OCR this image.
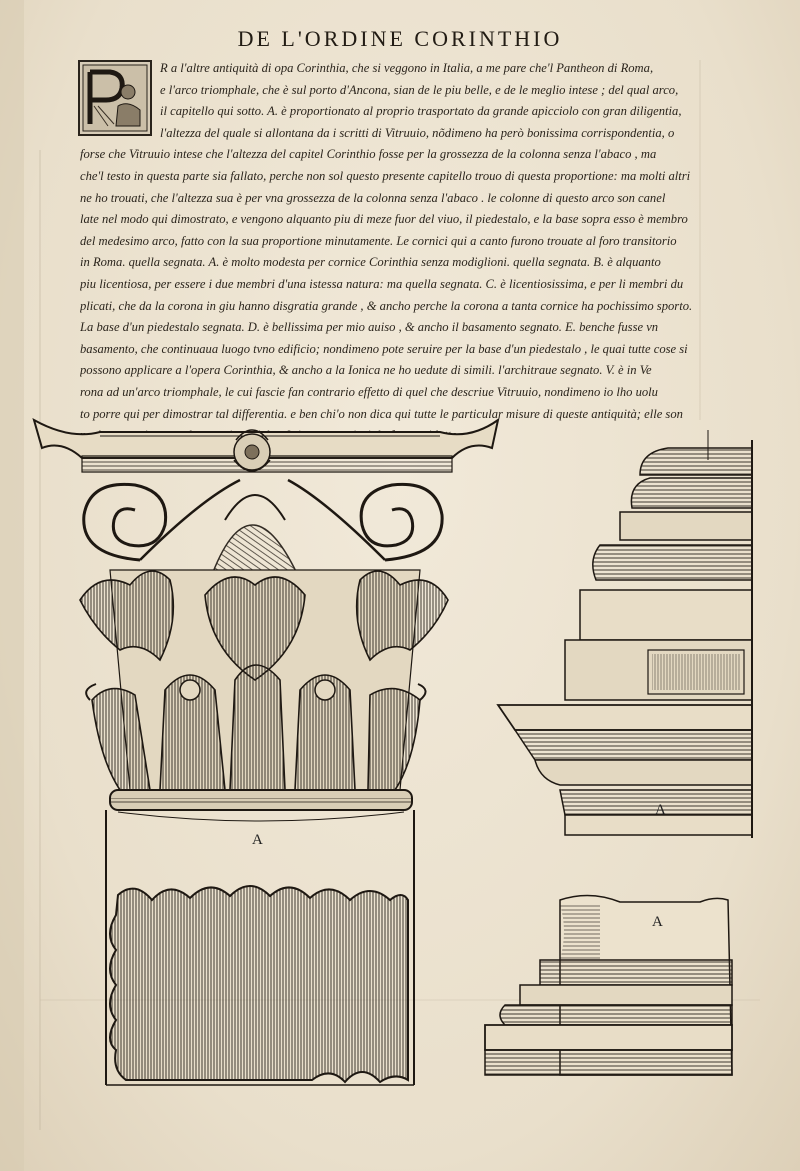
DE L'ORDINE CORINTHIO
R a l'altre antiquità di opa Corinthia, che si veggono in Italia, a me pare che'l Pantheon di Roma,
e l'arco triomphale, che è sul porto d'Ancona, sian de le piu belle, e de le meglio intese ; del qual arco,
il capitello qui sotto. A. è proportionato al proprio trasportato da grande apicciolo con gran diligentia,
l'altezza del quale si allontana da i scritti di Vitruuio, nõdimeno ha però bonissima corrispondentia, o
forse che Vitruuio intese che l'altezza del capitel Corinthio fosse per la grossezza de la colonna senza l'abaco , ma
che'l testo in questa parte sia fallato, perche non sol questo presente capitello trouo di questa proportione: ma molti altri
ne ho trouati, che l'altezza sua è per vna grossezza de la colonna senza l'abaco . le colonne di questo arco son canel
late nel modo qui dimostrato, e vengono alquanto piu di meze fuor del viuo, il piedestalo, e la base sopra esso è membro
del medesimo arco, fatto con la sua proportione minutamente. Le cornici qui a canto furono trouate al foro transitorio
in Roma. quella segnata. A. è molto modesta per cornice Corinthia senza modiglioni. quella segnata. B. è alquanto
piu licentiosa, per essere i due membri d'una istessa natura: ma quella segnata. C. è licentiosissima, e per li membri du
plicati, che da la corona in giu hanno disgratia grande , & ancho perche la corona a tanta cornice ha pochissimo sporto.
La base d'un piedestalo segnata. D. è bellissima per mio auiso , & ancho il basamento segnato. E. benche fusse vn
basamento, che continuaua luogo tvno edificio; nondimeno pote seruire per la base d'un piedestalo , le quai tutte cose si
possono applicare a l'opera Corinthia, & ancho a la Ionica ne ho uedute di simili. l'architraue segnato. V. è in Ve
rona ad un'arco triomphale, le cui fascie fan contrario effetto di quel che descriue Vitruuio, nondimeno io lho uolu
to porre qui per dimostrar tal differentia. e ben chi'o non dica qui tutte le particular misure di queste antiquità; elle son
A
A
A
